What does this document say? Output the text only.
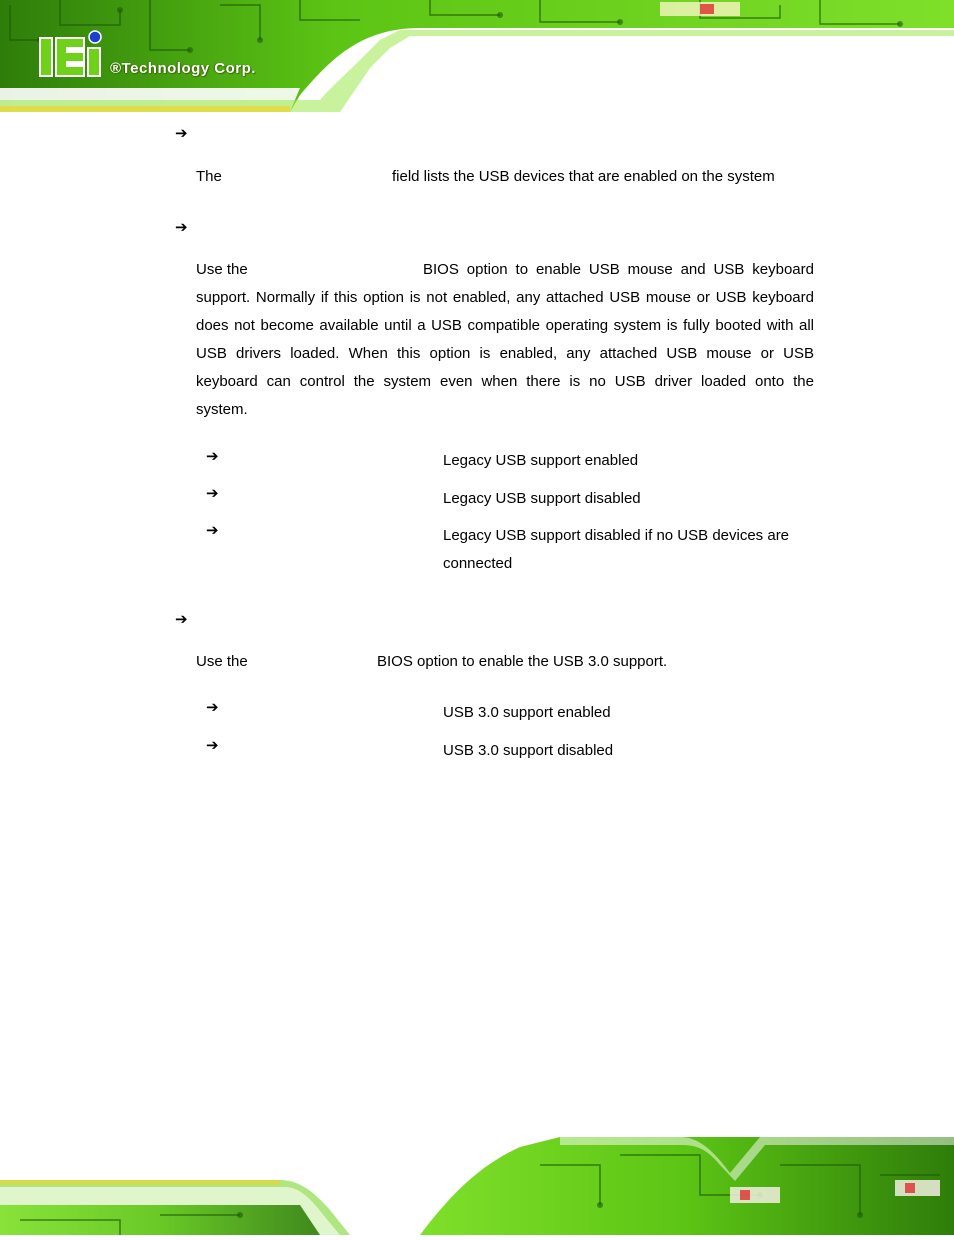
®Technology Corp.
➔
The	field lists the USB devices that are enabled on the system
➔
Use the	BIOS option to enable USB mouse and USB keyboard
support. Normally if this option is not enabled, any attached USB mouse or USB keyboard
does not become available until a USB compatible operating system is fully booted with all
USB drivers loaded. When this option is enabled, any attached USB mouse or USB
keyboard can control the system even when there is no USB driver loaded onto the
system.
➔	Legacy USB support enabled
➔	Legacy USB support disabled
➔	Legacy USB support disabled if no USB devices are
connected
➔
Use the	BIOS option to enable the USB 3.0 support.
➔	USB 3.0 support enabled
➔	USB 3.0 support disabled
